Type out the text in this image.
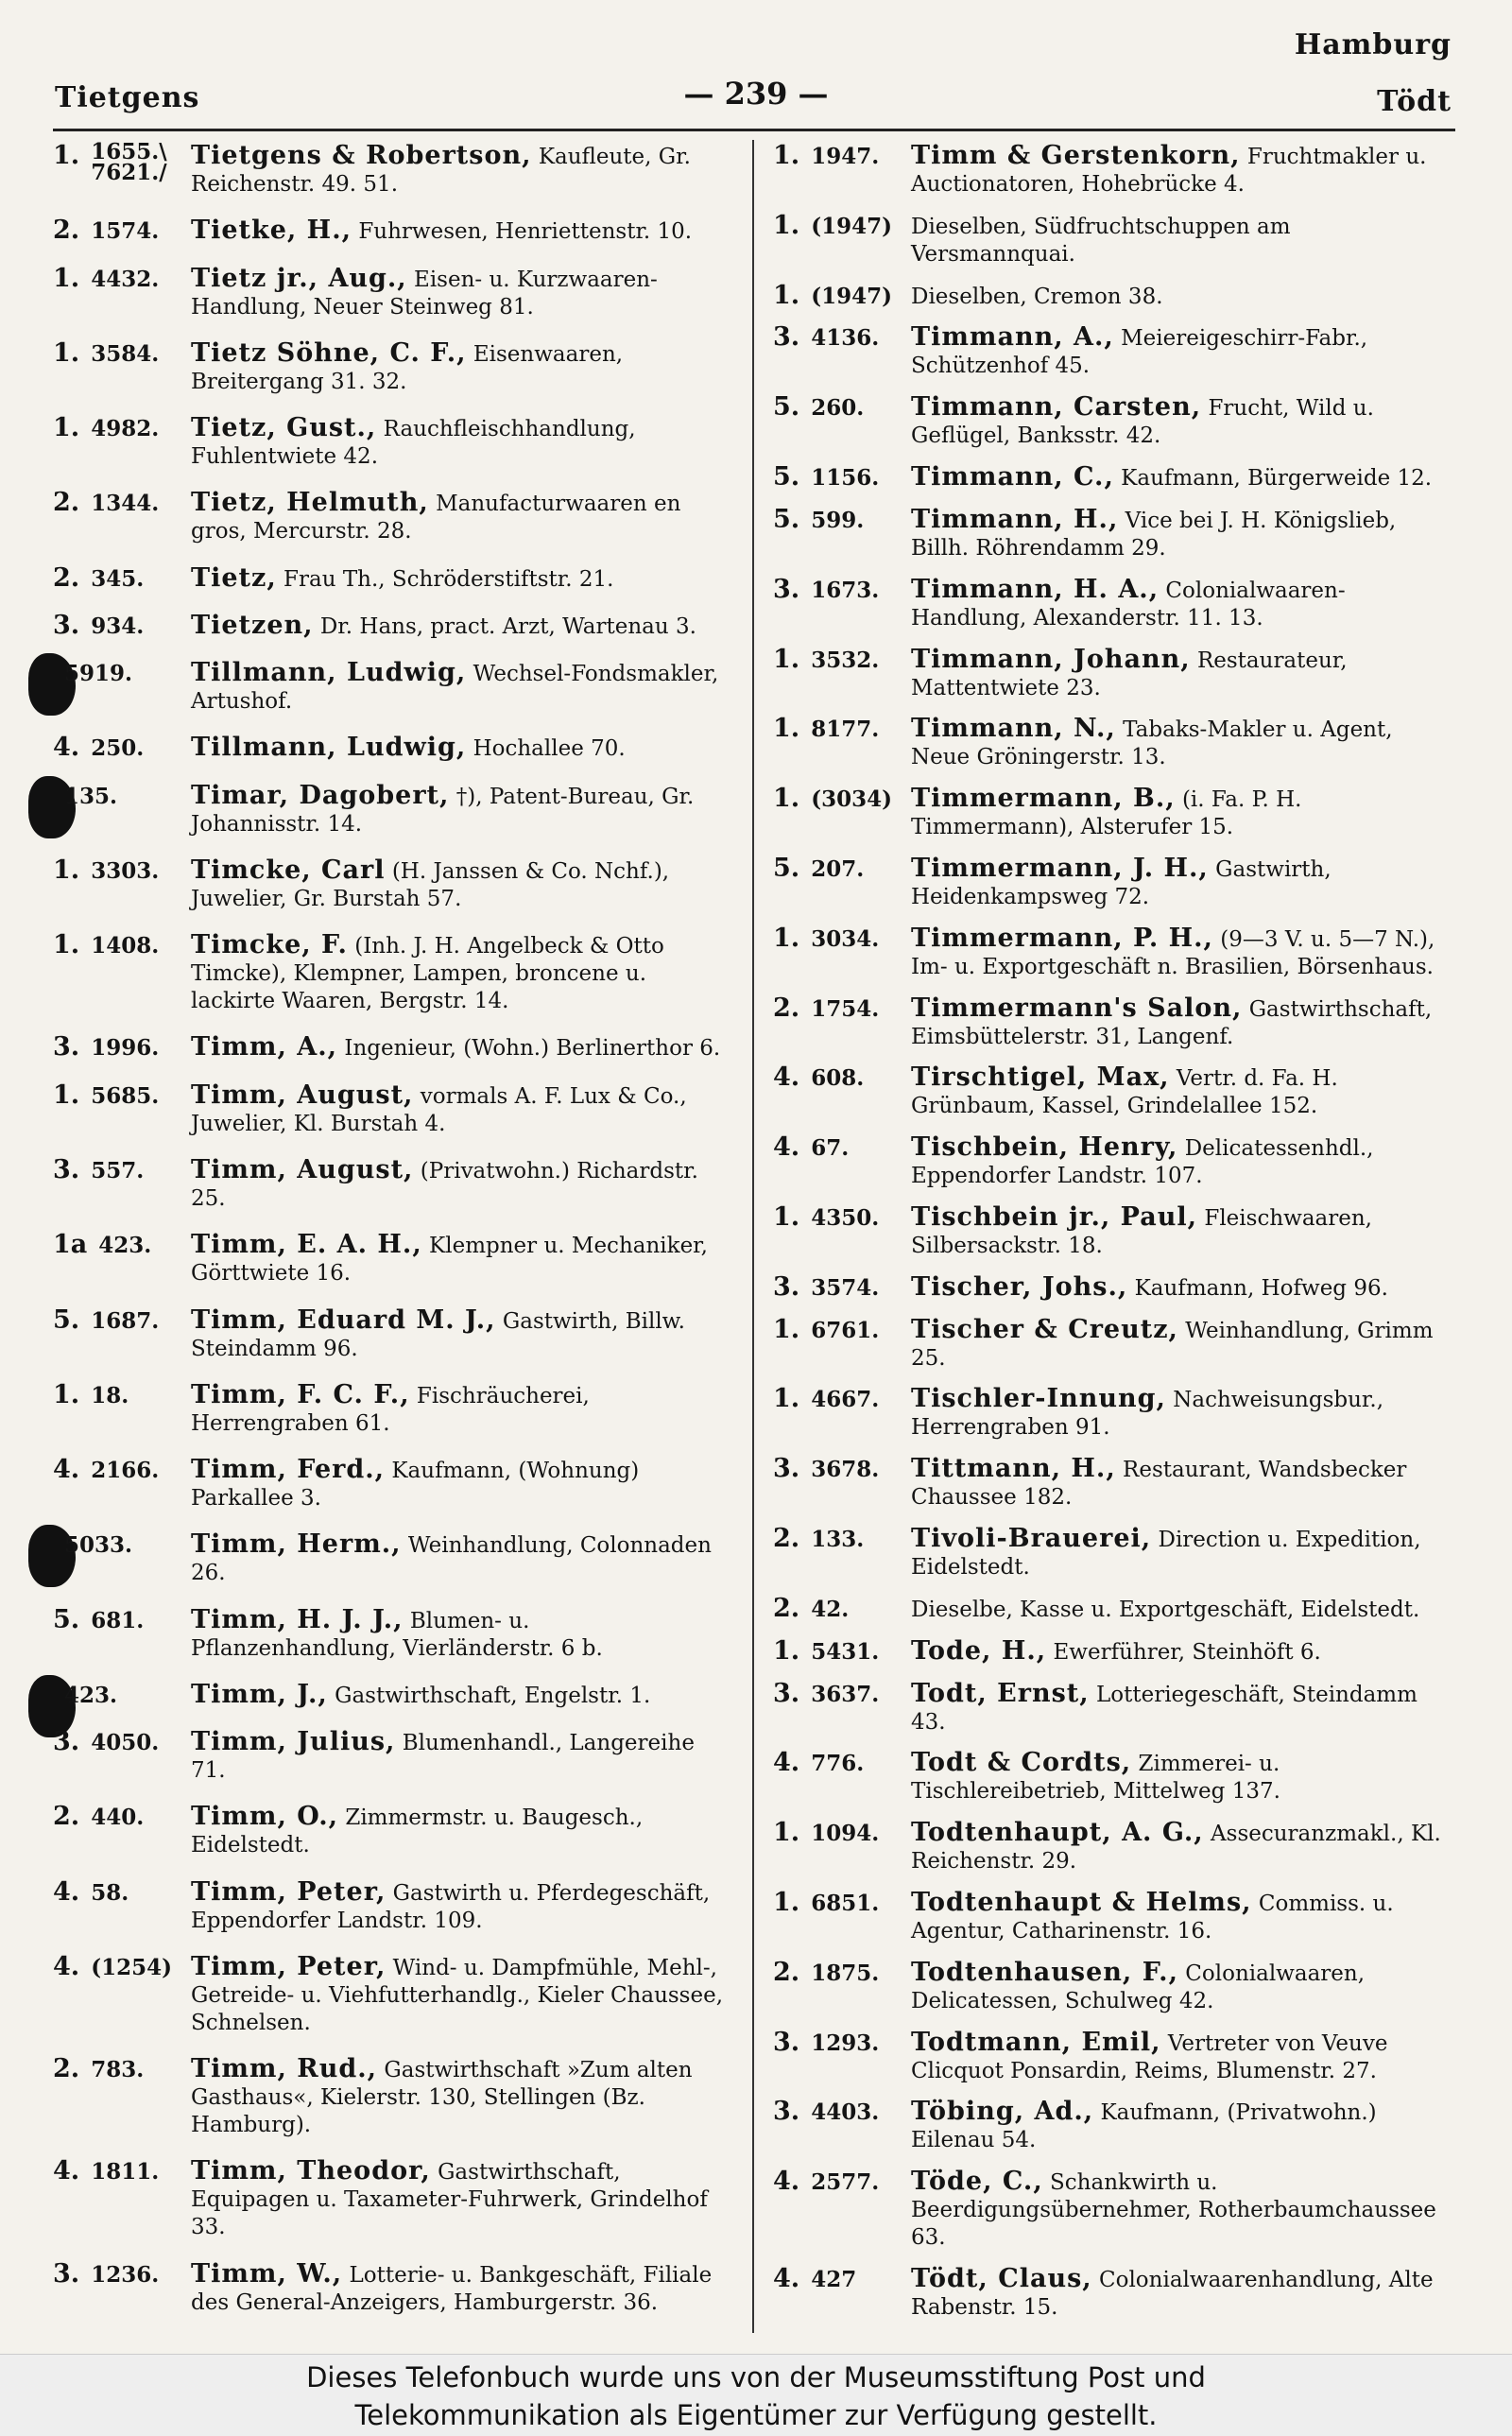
Hamburg
Tietgens	— 239 —	Tödt
1. 1655.\
7621./
Tietgens & Robertson, Kaufleute, Gr. Reichenstr. 49. 51.
2. 1574. Tietke, H., Fuhrwesen, Henriettenstr. 10.
1. 4432. Tietz jr., Aug., Eisen- u. Kurzwaaren-Handlung, Neuer Steinweg 81.
1. 3584. Tietz Söhne, C. F., Eisenwaaren, Breitergang 31. 32.
1. 4982. Tietz, Gust., Rauchfleischhandlung, Fuhlentwiete 42.
2. 1344. Tietz, Helmuth, Manufacturwaaren en gros, Mercurstr. 28.
2. 345. Tietz, Frau Th., Schröderstiftstr. 21.
3. 934. Tietzen, Dr. Hans, pract. Arzt, Wartenau 3.
5919. Tillmann, Ludwig, Wechsel-Fondsmakler, Artushof.
4. 250. Tillmann, Ludwig, Hochallee 70.
135.	Timar, Dagobert, †), Patent-Bureau, Gr. Johannisstr. 14.
1. 3303. Timcke, Carl (H. Janssen & Co. Nchf.), Juwelier, Gr. Burstah 57.
1. 1408. Timcke, F. (Inh. J. H. Angelbeck & Otto Timcke), Klempner, Lampen, broncene u. lackirte Waaren, Bergstr. 14.
3. 1996. Timm, A., Ingenieur, (Wohn.) Berlinerthor 6.
1. 5685. Timm, August, vormals A. F. Lux & Co., Juwelier, Kl. Burstah 4.
3. 557. Timm, August, (Privatwohn.) Richardstr. 25.
1a 423. Timm, E. A. H., Klempner u. Mechaniker, Görttwiete 16.
5. 1687. Timm, Eduard M. J., Gastwirth, Billw. Steindamm 96.
1. 18. Timm, F. C. F., Fischräucherei, Herrengraben 61.
4. 2166. Timm, Ferd., Kaufmann, (Wohnung) Parkallee 3.
5033. Timm, Herm., Weinhandlung, Colonnaden 26.
5. 681. Timm, H. J. J., Blumen- u. Pflanzenhandlung, Vierländerstr. 6 b.
423.	Timm, J., Gastwirthschaft, Engelstr. 1.
3. 4050. Timm, Julius, Blumenhandl., Langereihe 71.
2. 440. Timm, O., Zimmermstr. u. Baugesch., Eidelstedt.
4. 58. Timm, Peter, Gastwirth u. Pferdegeschäft, Eppendorfer Landstr. 109.
4. (1254) Timm, Peter, Wind- u. Dampfmühle, Mehl-, Getreide- u. Viehfutterhandlg., Kieler Chaussee, Schnelsen.
2. 783. Timm, Rud., Gastwirthschaft »Zum alten Gasthaus«, Kielerstr. 130, Stellingen (Bz. Hamburg).
4. 1811. Timm, Theodor, Gastwirthschaft, Equipagen u. Taxameter-Fuhrwerk, Grindelhof 33.
3. 1236. Timm, W., Lotterie- u. Bankgeschäft, Filiale des General-Anzeigers, Hamburgerstr. 36.
1. 1947. Timm & Gerstenkorn, Fruchtmakler u. Auctionatoren, Hohebrücke 4.
1. (1947) Dieselben, Südfruchtschuppen am Versmannquai.
1. (1947) Dieselben, Cremon 38.
3. 4136. Timmann, A., Meiereigeschirr-Fabr., Schützenhof 45.
5. 260. Timmann, Carsten, Frucht, Wild u. Geflügel, Banksstr. 42.
5. 1156. Timmann, C., Kaufmann, Bürgerweide 12.
5. 599. Timmann, H., Vice bei J. H. Königslieb, Billh. Röhrendamm 29.
3. 1673. Timmann, H. A., Colonialwaaren-Handlung, Alexanderstr. 11. 13.
1. 3532. Timmann, Johann, Restaurateur, Mattentwiete 23.
1. 8177. Timmann, N., Tabaks-Makler u. Agent, Neue Gröningerstr. 13.
1. (3034) Timmermann, B., (i. Fa. P. H. Timmermann), Alsterufer 15.
5. 207. Timmermann, J. H., Gastwirth, Heidenkampsweg 72.
1. 3034. Timmermann, P. H., (9—3 V. u. 5—7 N.), Im- u. Exportgeschäft n. Brasilien, Börsenhaus.
2. 1754. Timmermann's Salon, Gastwirthschaft, Eimsbüttelerstr. 31, Langenf.
4. 608. Tirschtigel, Max, Vertr. d. Fa. H. Grünbaum, Kassel, Grindelallee 152.
4. 67. Tischbein, Henry, Delicatessenhdl., Eppendorfer Landstr. 107.
1. 4350. Tischbein jr., Paul, Fleischwaaren, Silbersackstr. 18.
3. 3574. Tischer, Johs., Kaufmann, Hofweg 96.
1. 6761. Tischer & Creutz, Weinhandlung, Grimm 25.
1. 4667. Tischler-Innung, Nachweisungsbur., Herrengraben 91.
3. 3678. Tittmann, H., Restaurant, Wandsbecker Chaussee 182.
2. 133. Tivoli-Brauerei, Direction u. Expedition, Eidelstedt.
2. 42.	Dieselbe, Kasse u. Exportgeschäft, Eidelstedt.
1. 5431. Tode, H., Ewerführer, Steinhöft 6.
3. 3637. Todt, Ernst, Lotteriegeschäft, Steindamm 43.
4. 776. Todt & Cordts, Zimmerei- u. Tischlereibetrieb, Mittelweg 137.
1. 1094. Todtenhaupt, A. G., Assecuranzmakl., Kl. Reichenstr. 29.
1. 6851. Todtenhaupt & Helms, Commiss. u. Agentur, Catharinenstr. 16.
2. 1875. Todtenhausen, F., Colonialwaaren, Delicatessen, Schulweg 42.
3. 1293. Todtmann, Emil, Vertreter von Veuve Clicquot Ponsardin, Reims, Blumenstr. 27.
3. 4403. Töbing, Ad., Kaufmann, (Privatwohn.) Eilenau 54.
4. 2577. Töde, C., Schankwirth u. Beerdigungsübernehmer, Rotherbaumchaussee 63.
4. 427 Tödt, Claus, Colonialwaarenhandlung, Alte Rabenstr. 15.
Dieses Telefonbuch wurde uns von der Museumsstiftung Post und
Telekommunikation als Eigentümer zur Verfügung gestellt.
